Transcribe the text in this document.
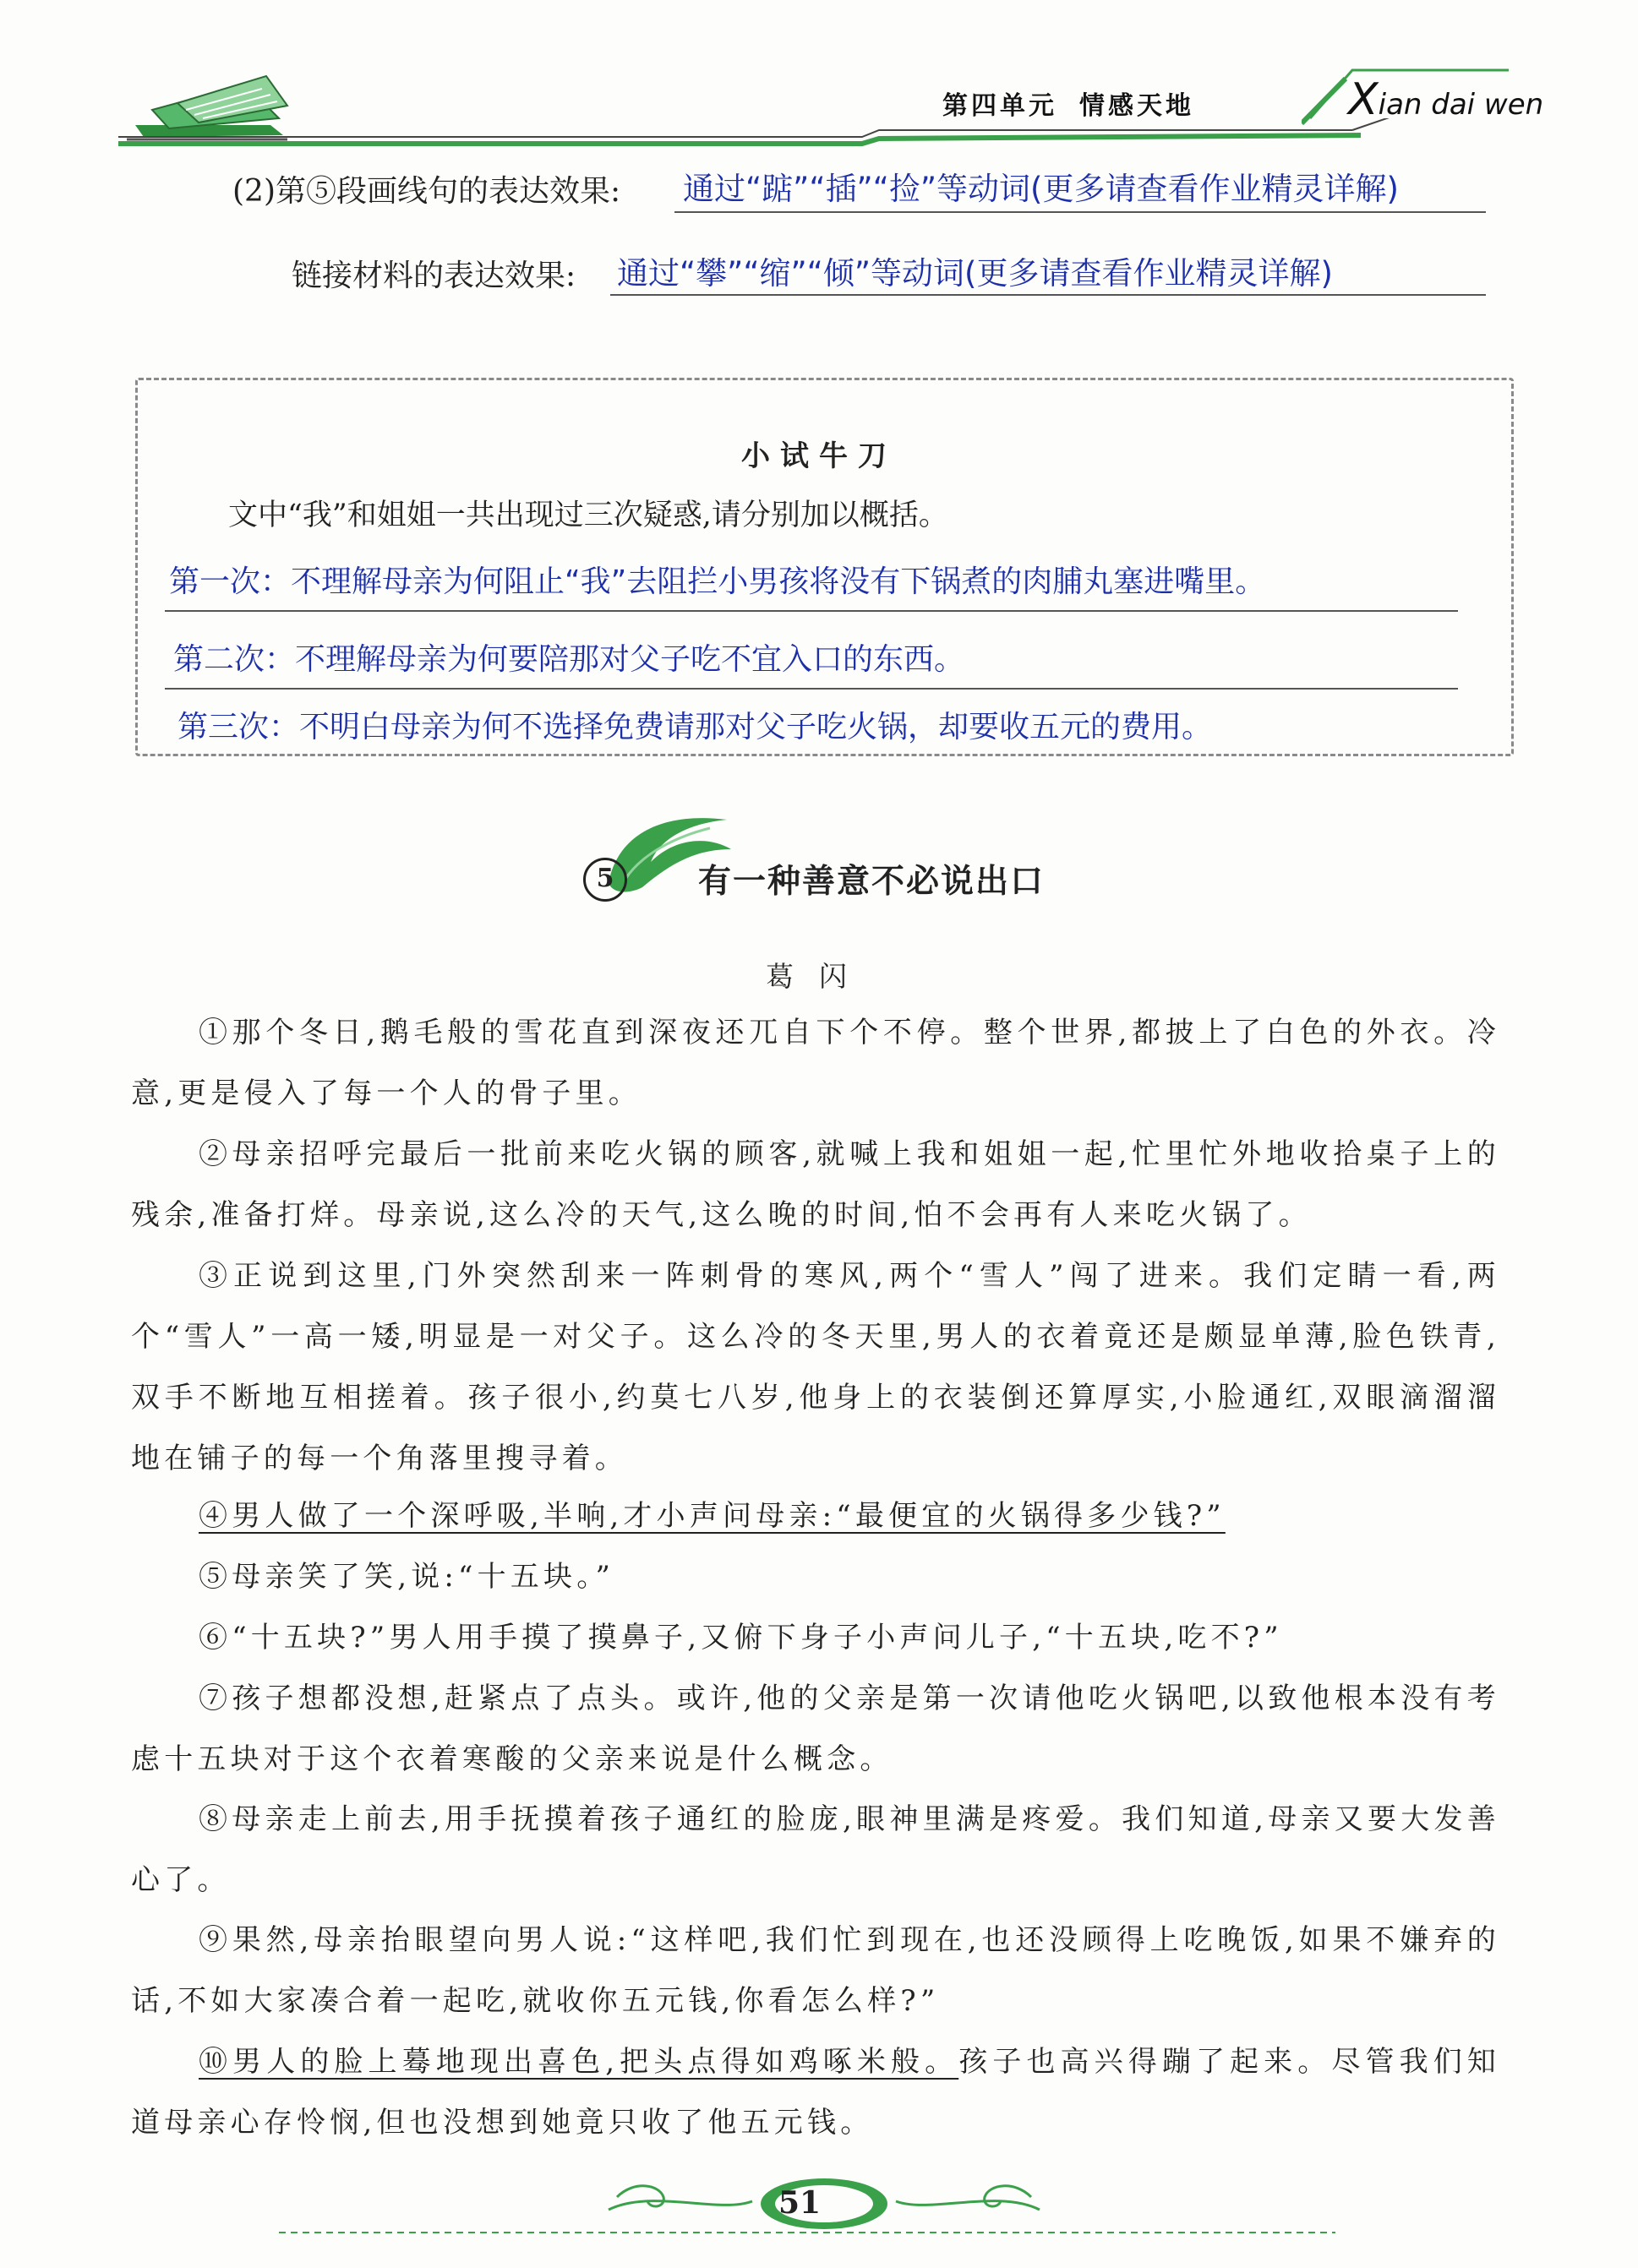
第四单元 情感天地	Xian dai wen
(2)第⑤段画线句的表达效果: 通过“踮”“插”“捡”等动词(更多请查看作业精灵详解)
链接材料的表达效果: 通过“攀”“缩”“倾”等动词(更多请查看作业精灵详解)
小试牛刀
文中“我”和姐姐一共出现过三次疑惑,请分别加以概括。
第一次：不理解母亲为何阻止“我”去阻拦小男孩将没有下锅煮的肉脯丸塞进嘴里。
第二次：不理解母亲为何要陪那对父子吃不宜入口的东西。
第三次：不明白母亲为何不选择免费请那对父子吃火锅，却要收五元的费用。
5	有一种善意不必说出口
葛闪

①那个冬日,鹅毛般的雪花直到深夜还兀自下个不停。整个世界,都披上了白色的外衣。冷意,更是侵入了每一个人的骨子里。

②母亲招呼完最后一批前来吃火锅的顾客,就喊上我和姐姐一起,忙里忙外地收拾桌子上的残余,准备打烊。母亲说,这么冷的天气,这么晚的时间,怕不会再有人来吃火锅了。

③正说到这里,门外突然刮来一阵刺骨的寒风,两个“雪人”闯了进来。我们定睛一看,两个“雪人”一高一矮,明显是一对父子。这么冷的冬天里,男人的衣着竟还是颇显单薄,脸色铁青,双手不断地互相搓着。孩子很小,约莫七八岁,他身上的衣装倒还算厚实,小脸通红,双眼滴溜溜地在铺子的每一个角落里搜寻着。

④男人做了一个深呼吸,半响,才小声问母亲:“最便宜的火锅得多少钱?”

⑤母亲笑了笑,说:“十五块。”

⑥“十五块?”男人用手摸了摸鼻子,又俯下身子小声问儿子,“十五块,吃不?”

⑦孩子想都没想,赶紧点了点头。或许,他的父亲是第一次请他吃火锅吧,以致他根本没有考虑十五块对于这个衣着寒酸的父亲来说是什么概念。

⑧母亲走上前去,用手抚摸着孩子通红的脸庞,眼神里满是疼爱。我们知道,母亲又要大发善心了。

⑨果然,母亲抬眼望向男人说:“这样吧,我们忙到现在,也还没顾得上吃晚饭,如果不嫌弃的话,不如大家凑合着一起吃,就收你五元钱,你看怎么样?”

⑩男人的脸上蓦地现出喜色,把头点得如鸡啄米般。孩子也高兴得蹦了起来。尽管我们知道母亲心存怜悯,但也没想到她竟只收了他五元钱。

51
